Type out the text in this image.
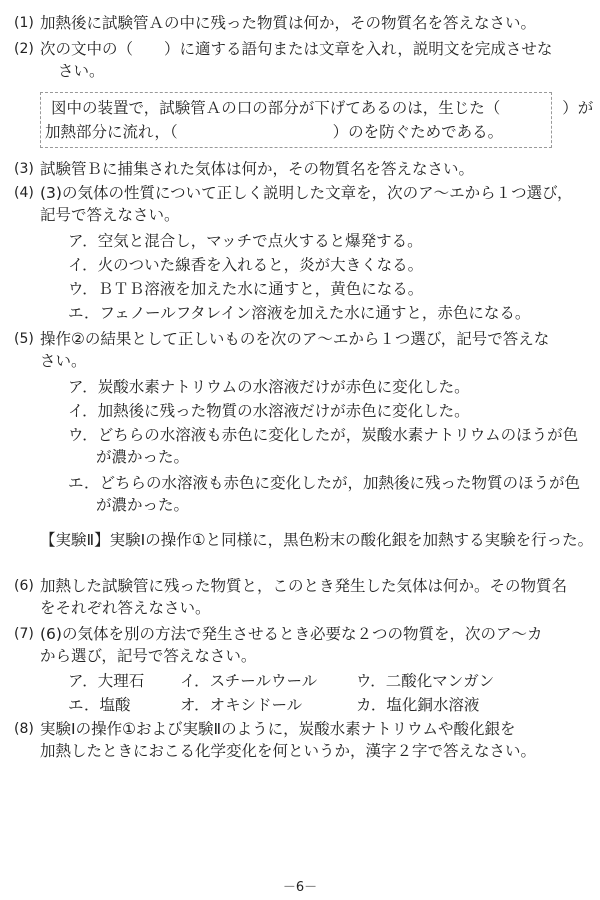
(1) 加熱後に試験管Ａの中に残った物質は何か，その物質名を答えなさい。
(2) 次の文中の（　　）に適する語句または文章を入れ，説明文を完成させな
さい。
図中の装置で，試験管Ａの口の部分が下げてあるのは，生じた（　　　　）が
加熱部分に流れ，（　　　　　　　　　　）のを防ぐためである。
(3) 試験管Ｂに捕集された気体は何か，その物質名を答えなさい。
(4) (3)の気体の性質について正しく説明した文章を，次のア～エから１つ選び，
記号で答えなさい。
ア．空気と混合し，マッチで点火すると爆発する。
イ．火のついた線香を入れると，炎が大きくなる。
ウ．ＢＴＢ溶液を加えた水に通すと，黄色になる。
エ．フェノールフタレイン溶液を加えた水に通すと，赤色になる。
(5) 操作②の結果として正しいものを次のア～エから１つ選び，記号で答えな
さい。
ア．炭酸水素ナトリウムの水溶液だけが赤色に変化した。
イ．加熱後に残った物質の水溶液だけが赤色に変化した。
ウ．どちらの水溶液も赤色に変化したが，炭酸水素ナトリウムのほうが色
が濃かった。
エ．どちらの水溶液も赤色に変化したが，加熱後に残った物質のほうが色
が濃かった。
【実験Ⅱ】実験Ⅰの操作①と同様に，黒色粉末の酸化銀を加熱する実験を行った。
(6) 加熱した試験管に残った物質と，このとき発生した気体は何か。その物質名
をそれぞれ答えなさい。
(7) (6)の気体を別の方法で発生させるとき必要な２つの物質を，次のア～カ
から選び，記号で答えなさい。
ア．大理石 イ．スチールウール	ウ．二酸化マンガン
エ．塩酸	オ．オキシドール	カ．塩化銅水溶液
(8) 実験Ⅰの操作①および実験Ⅱのように，炭酸水素ナトリウムや酸化銀を
加熱したときにおこる化学変化を何というか，漢字２字で答えなさい。
－6－
